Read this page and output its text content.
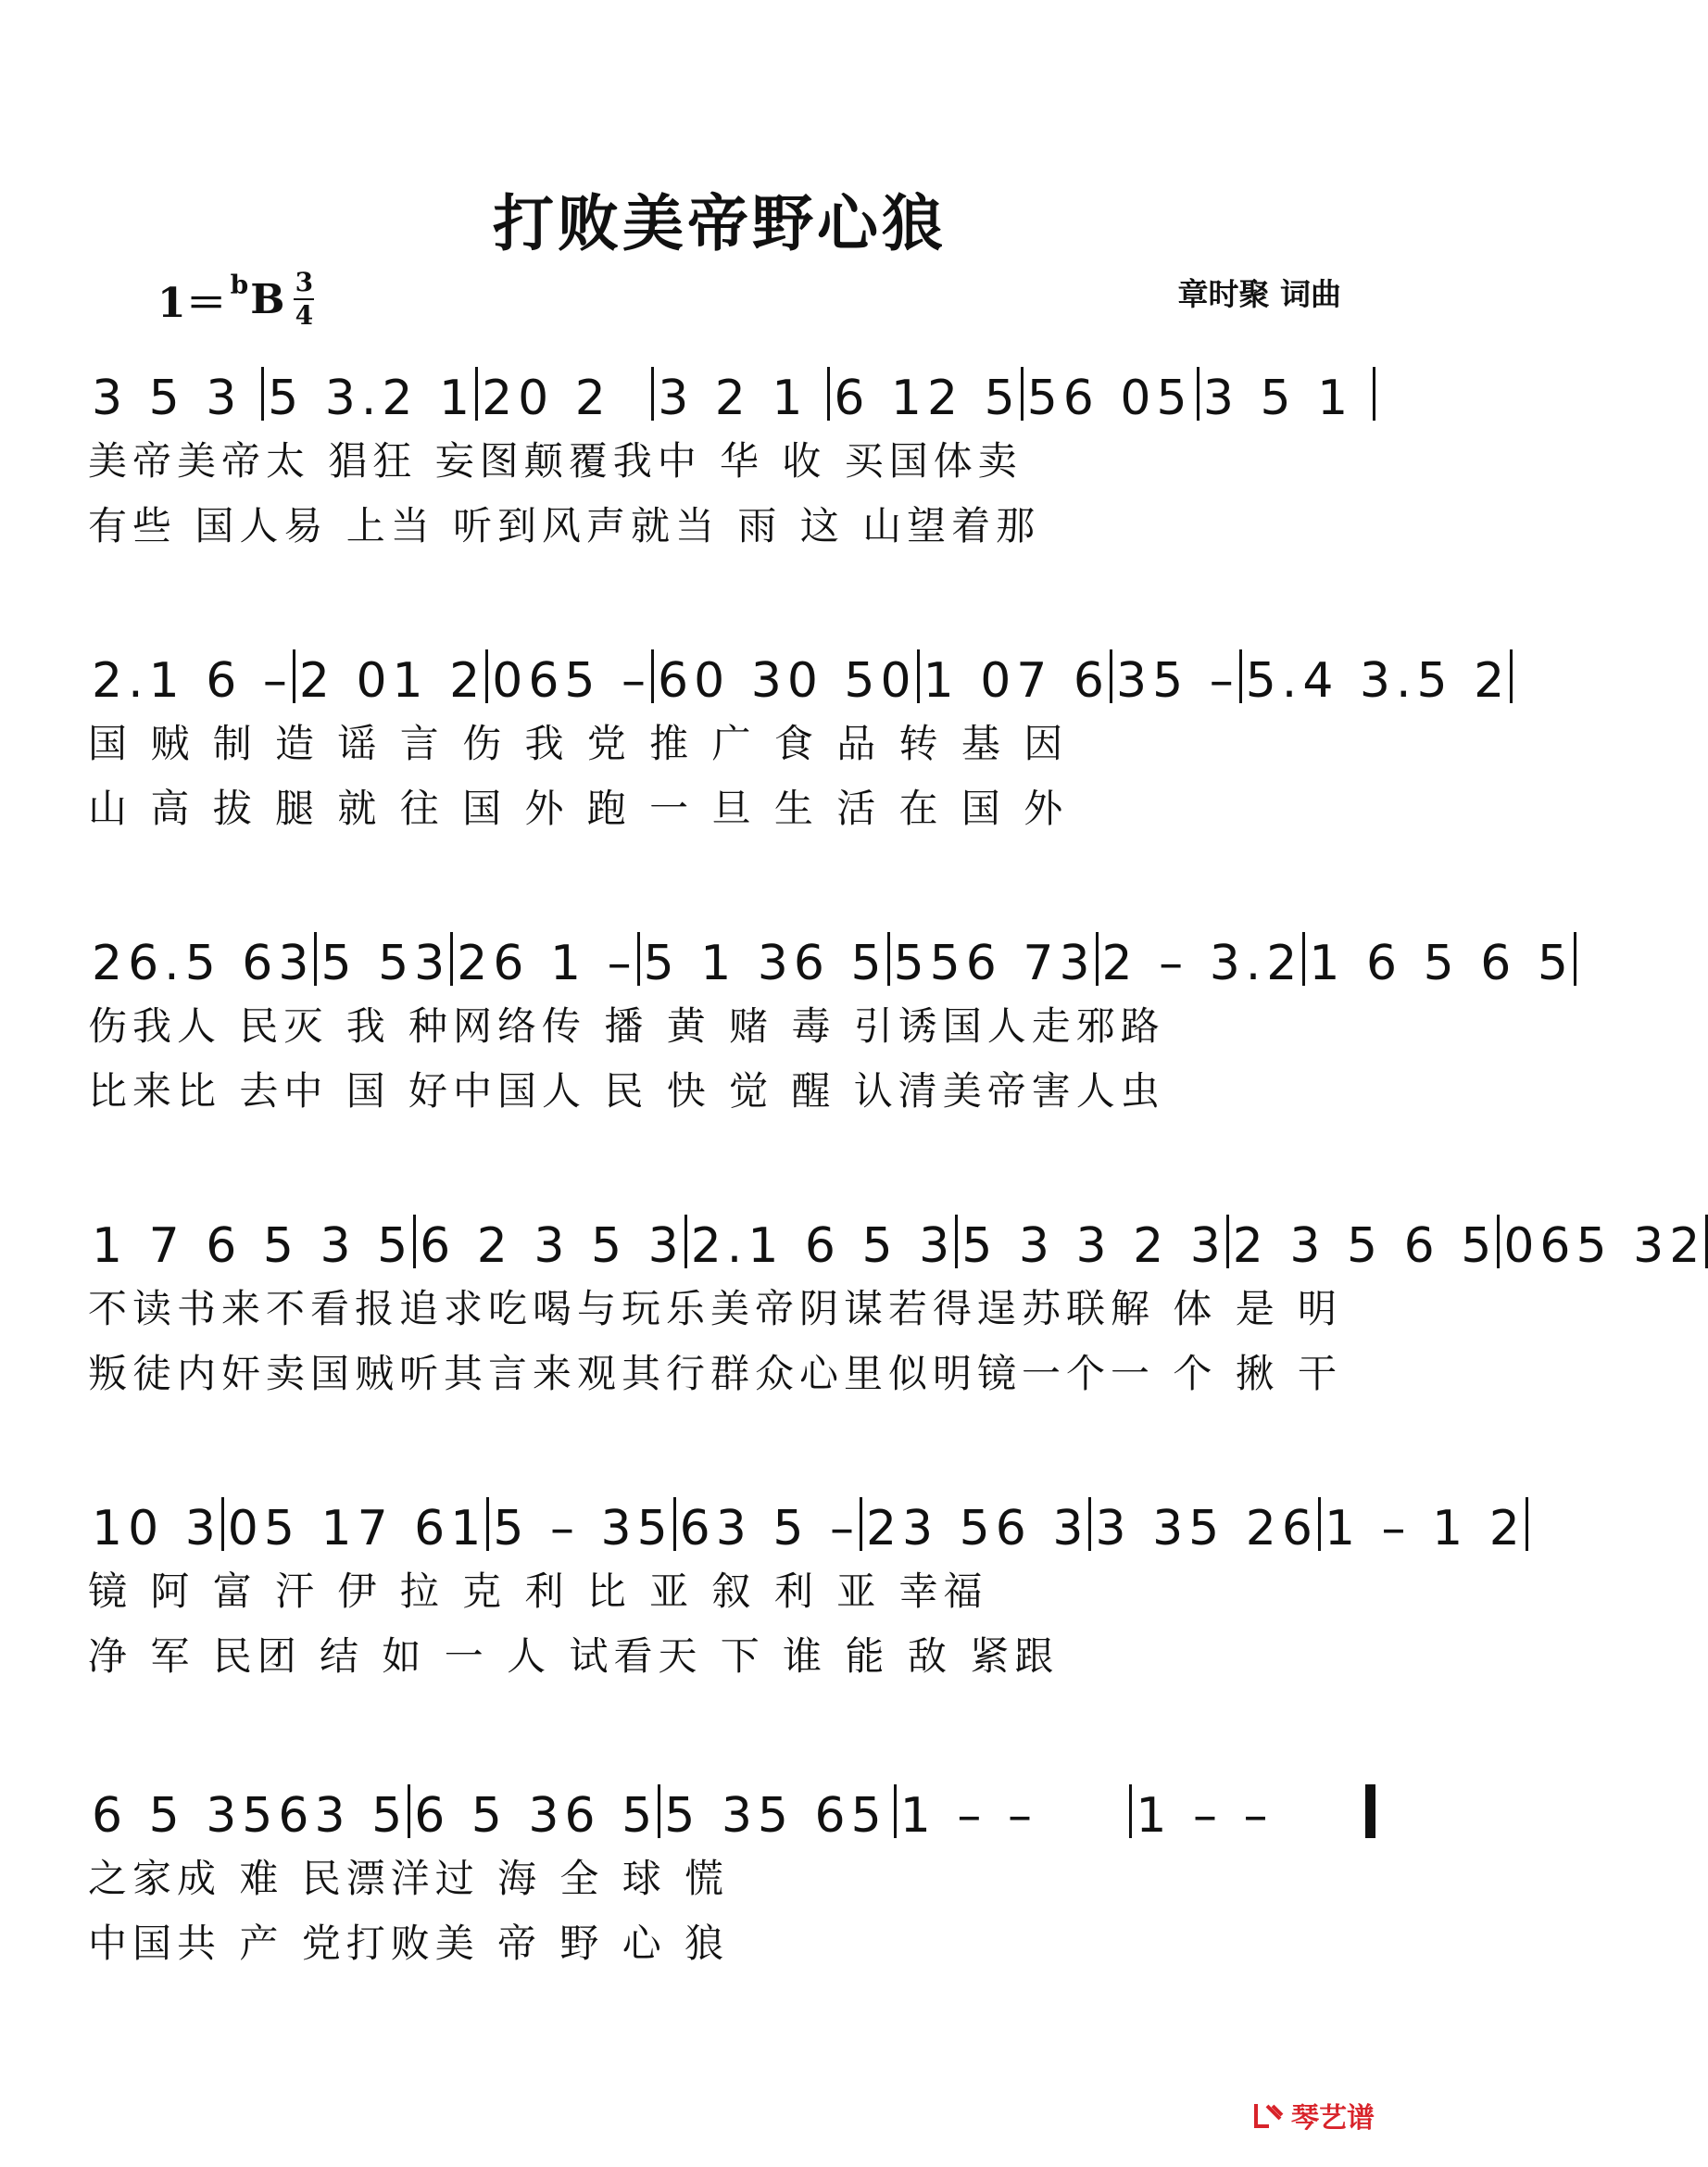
打败美帝野心狼
1＝ b B $\frac{3}{4}$	章时聚 词曲
3 5 3 5 3.2 1 20 2 3 2 1 6 12 5 56 05 3 5 1
美帝美帝太 猖狂 妄图颠覆我中 华 收 买国体卖
有些 国人易 上当 听到风声就当 雨 这 山望着那
2.1 6 – 2 01 2 065 – 60 30 50 1 07 6 35 – 5.4 3.5 2
国 贼 制 造 谣 言 伤 我 党 推 广 食 品 转 基 因
山 高 拔 腿 就 往 国 外 跑 一 旦 生 活 在 国 外
26.5 63 5 53 26 1 – 5 1 36 5 556 73 2 – 3.2 1 6 5 6 5
伤我人 民灭 我 种网络传 播 黄 赌 毒 引诱国人走邪路
比来比 去中 国 好中国人 民 快 觉 醒 认清美帝害人虫
1 7 6 5 3 5 6 2 3 5 3 2.1 6 5 3 5 3 3 2 3 2 3 5 6 5 065 32
不读书来不看报追求吃喝与玩乐美帝阴谋若得逞苏联解 体 是 明
叛徒内奸卖国贼听其言来观其行群众心里似明镜一个一 个 揪 干
10 3 05 17 61 5 – 35 63 5 – 23 56 3 3 35 26 1 – 1 2
镜 阿 富 汗 伊 拉 克 利 比 亚 叙 利 亚 幸福
净 军 民团 结 如 一 人 试看天 下 谁 能 敌 紧跟
6 5 3563 5 6 5 36 5 5 35 65 1 – –	1 – –
之家成 难 民漂洋过 海 全 球 慌
中国共 产 党打败美 帝 野 心 狼
琴艺谱
